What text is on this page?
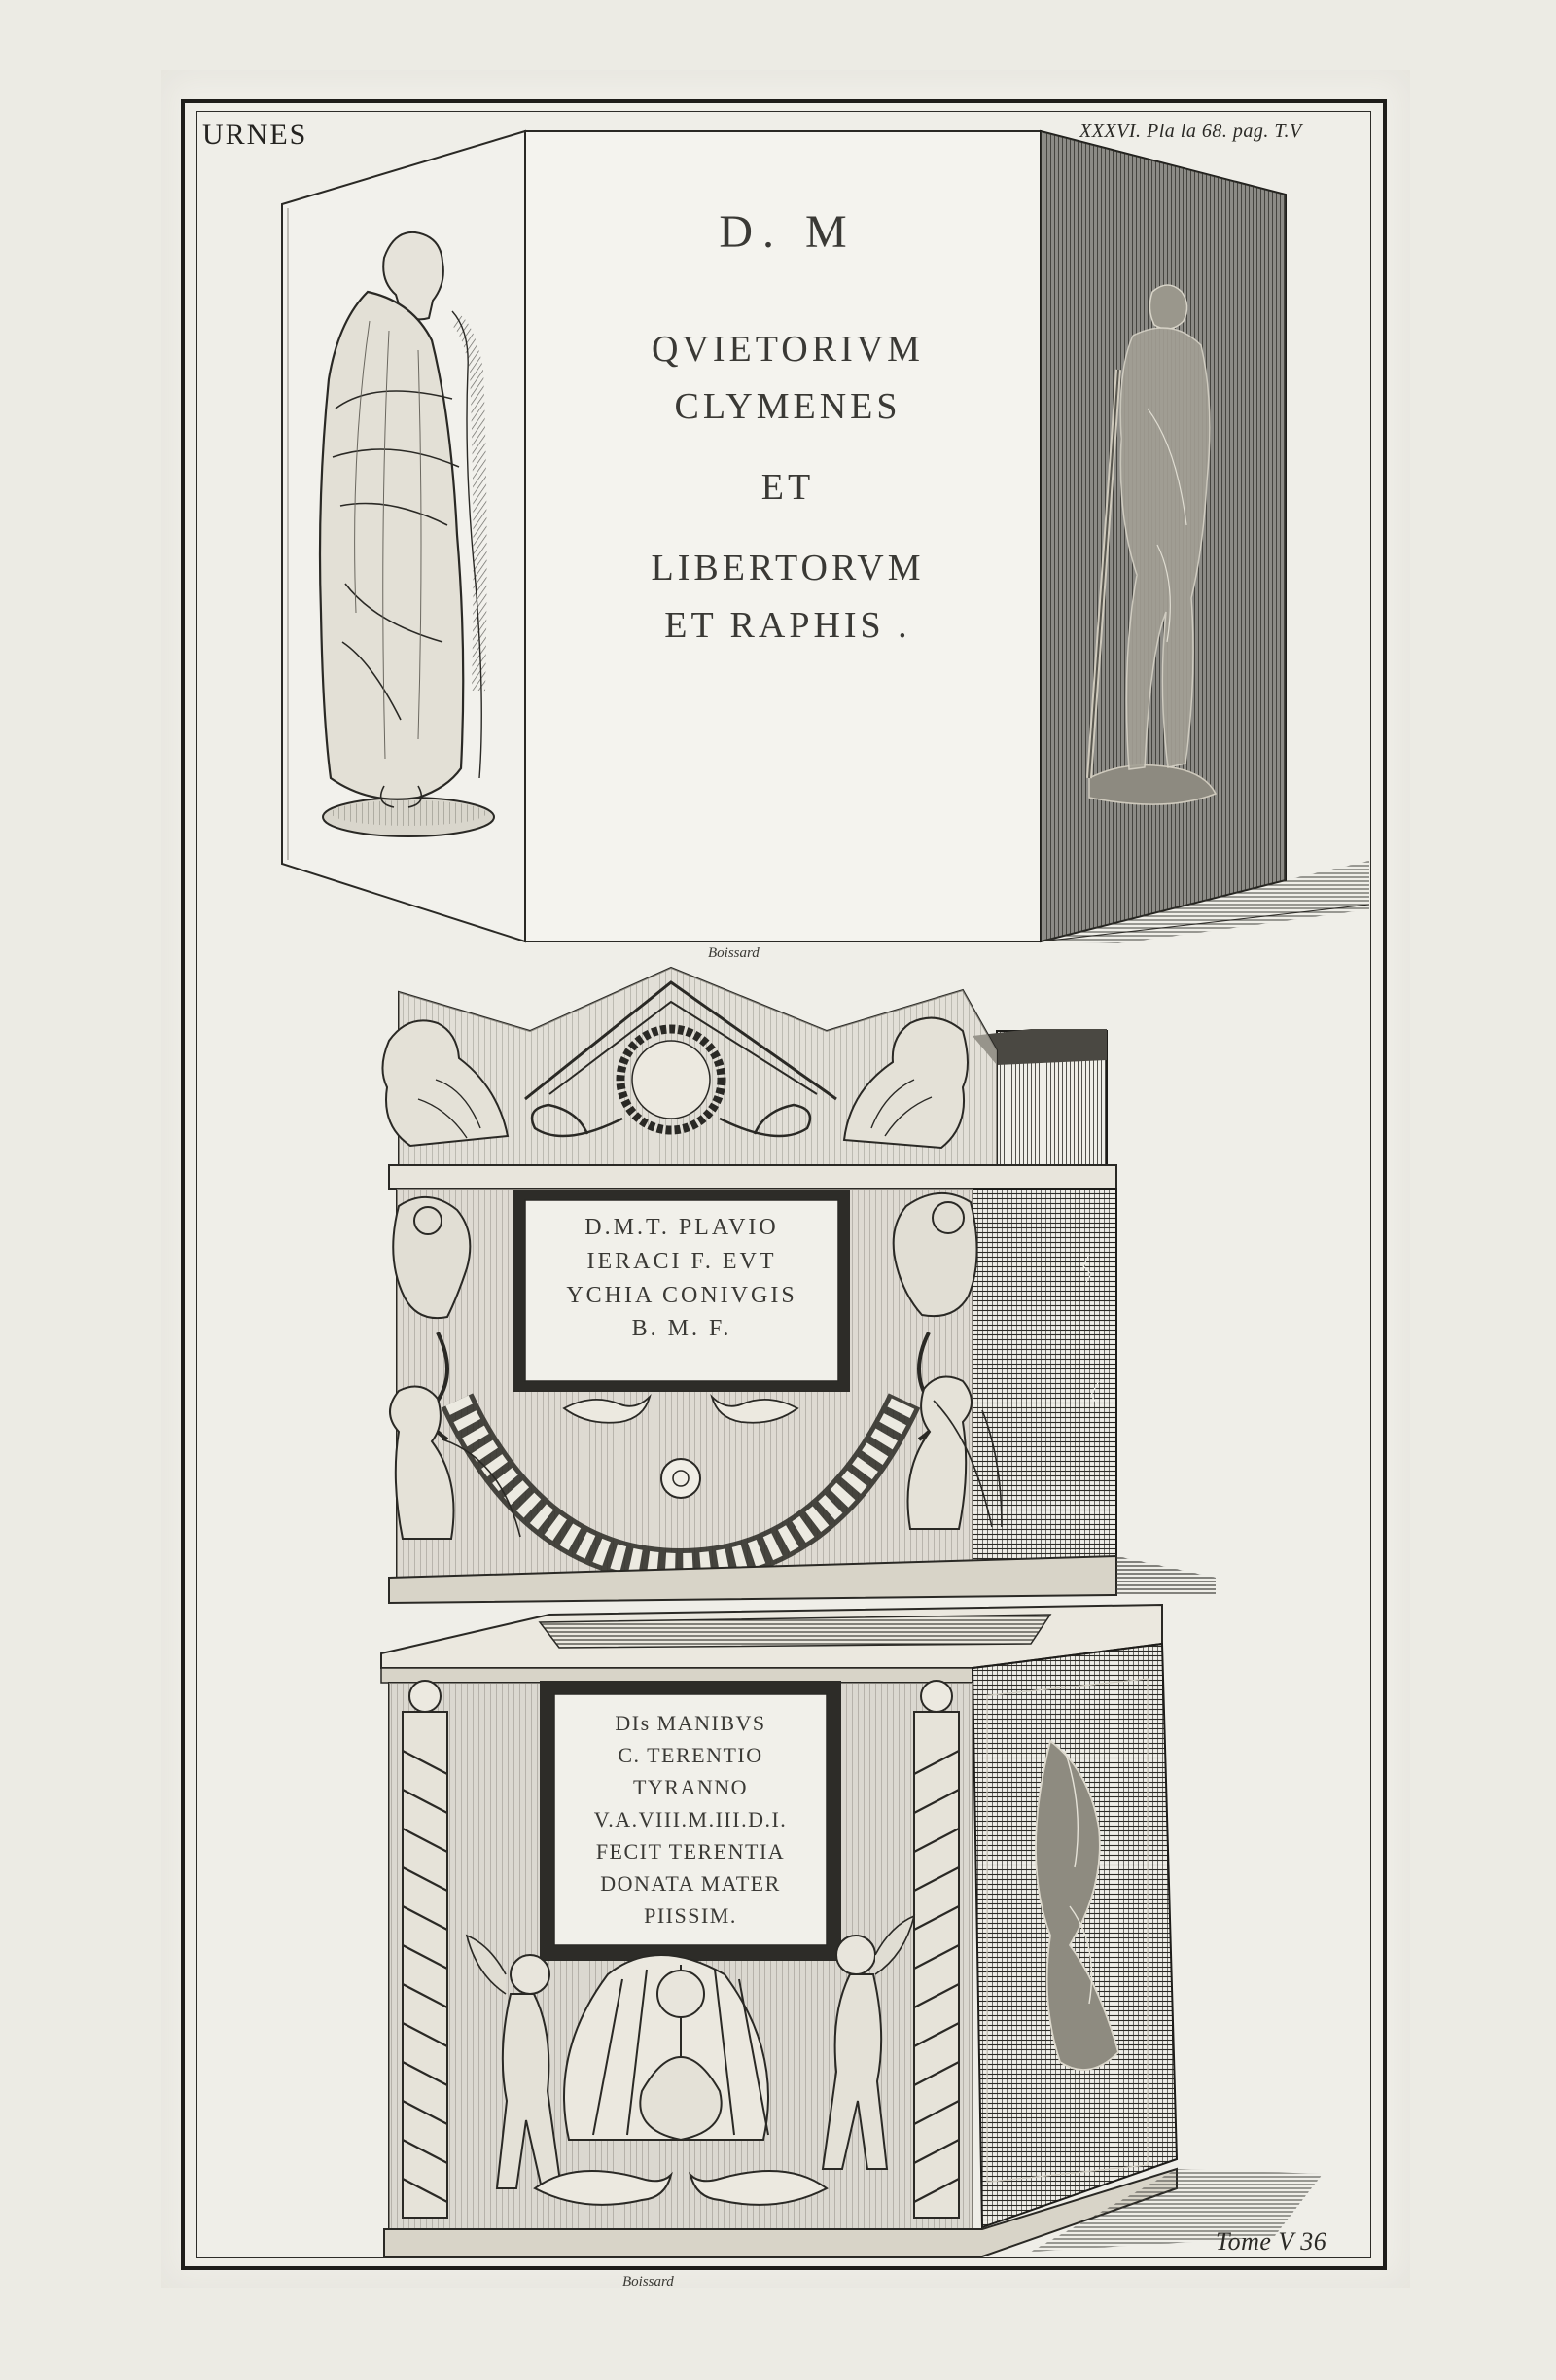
URNES	XXXVI. Pla la 68. pag. T.V
D. M
QVIETORIVM
CLYMENES
ET
LIBERTORVM
ET RAPHIS .
D.M.T. PLAVIO
IERACI F. EVT
YCHIA CONIVGIS
B. M. F.
DIs MANIBVS
C. TERENTIO
TYRANNO
V.A.VIII.M.III.D.I.
FECIT TERENTIA
DONATA MATER
PIISSIM.
Boissard
Boissard
Tome V 36
